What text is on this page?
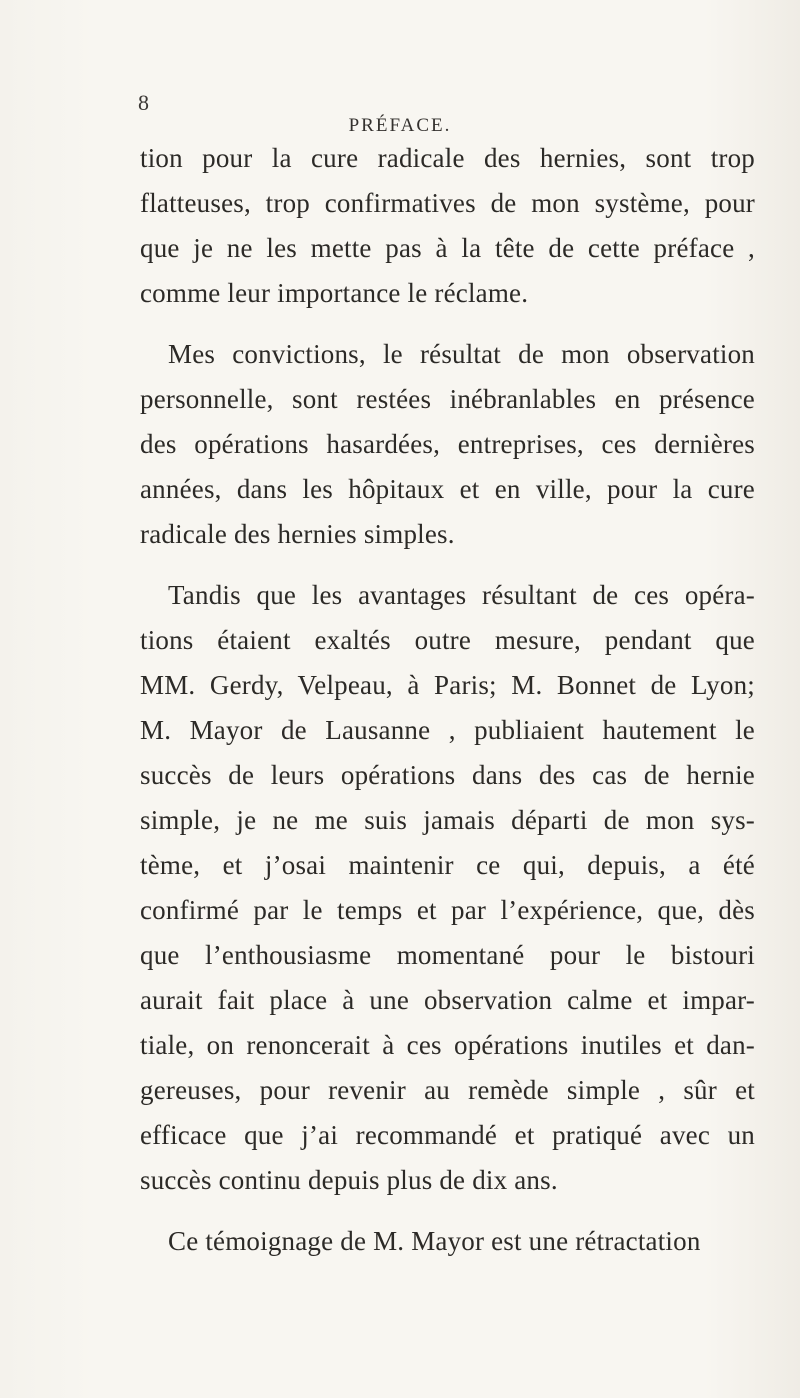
8
PRÉFACE.
tion pour la cure radicale des hernies, sont trop
flatteuses, trop confirmatives de mon système, pour
que je ne les mette pas à la tête de cette préface ,
comme leur importance le réclame.
Mes convictions, le résultat de mon observation
personnelle, sont restées inébranlables en présence
des opérations hasardées, entreprises, ces dernières
années, dans les hôpitaux et en ville, pour la cure
radicale des hernies simples.
Tandis que les avantages résultant de ces opéra-
tions étaient exaltés outre mesure, pendant que
MM. Gerdy, Velpeau, à Paris; M. Bonnet de Lyon;
M. Mayor de Lausanne , publiaient hautement le
succès de leurs opérations dans des cas de hernie
simple, je ne me suis jamais départi de mon sys-
tème, et j’osai maintenir ce qui, depuis, a été
confirmé par le temps et par l’expérience, que, dès
que l’enthousiasme momentané pour le bistouri
aurait fait place à une observation calme et impar-
tiale, on renoncerait à ces opérations inutiles et dan-
gereuses, pour revenir au remède simple , sûr et
efficace que j’ai recommandé et pratiqué avec un
succès continu depuis plus de dix ans.
Ce témoignage de M. Mayor est une rétractation
